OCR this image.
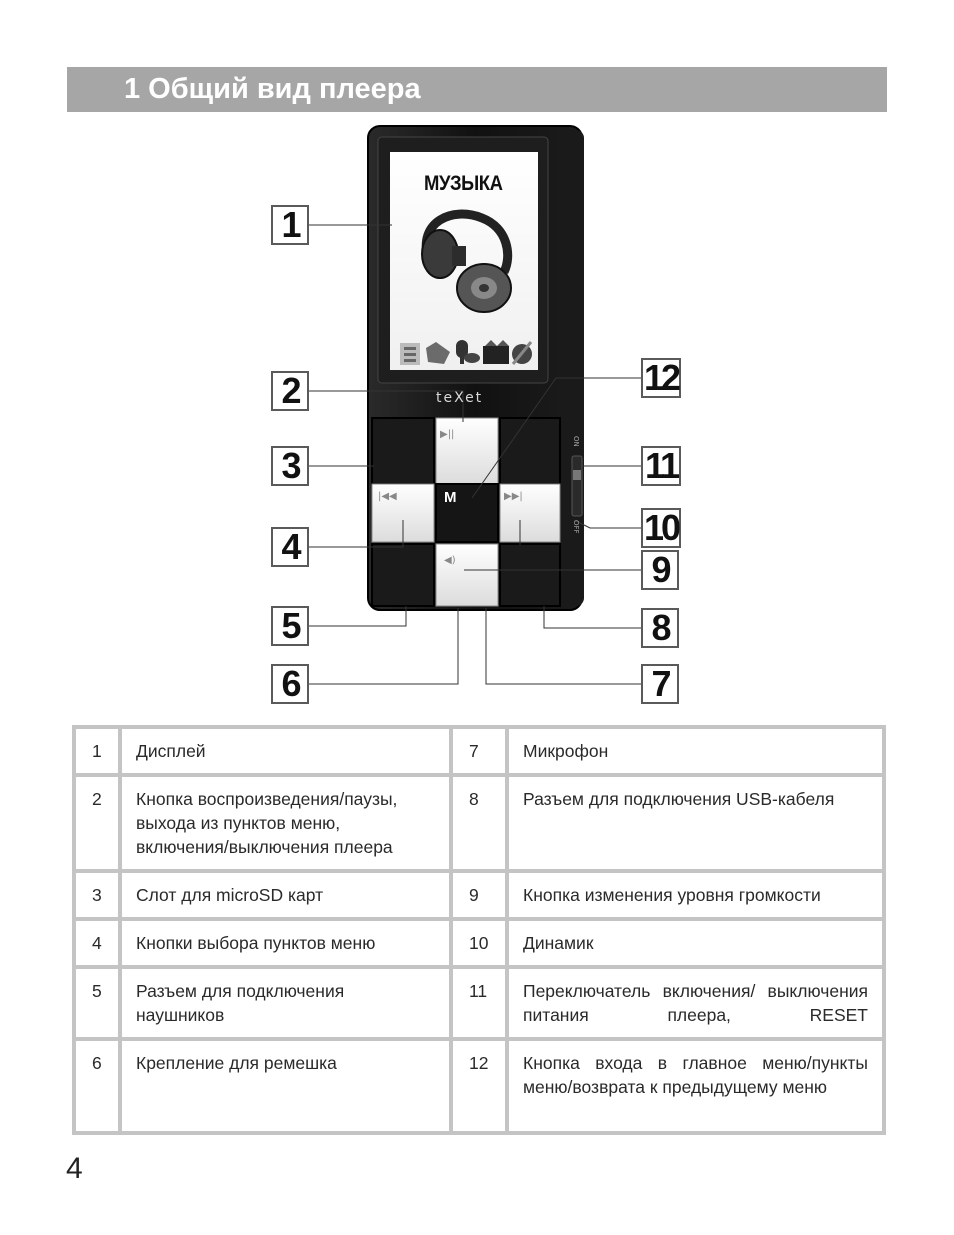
1 Общий вид плеера
МУЗЫКА
teXet
▶||
|◀◀	▶▶|
◀)
M
ON
OFF
1
2
3
4
5
6	7
8
9
10
11
12
1	Дисплей	7	Микрофон
2	Кнопка воспроизведения/паузы, выхода из пунктов меню, включения/выключения плеера	8	Разъем для подключения USB-кабеля
3	Слот для microSD карт	9	Кнопка изменения уровня громкости
4	Кнопки выбора пунктов меню	10	Динамик
5	Разъем для подключения наушников	11	Переключатель включения/ выключения питания плеера, RESET
6	Крепление для ремешка	12	Кнопка входа в главное меню/пункты меню/возврата к предыдущему меню
4
